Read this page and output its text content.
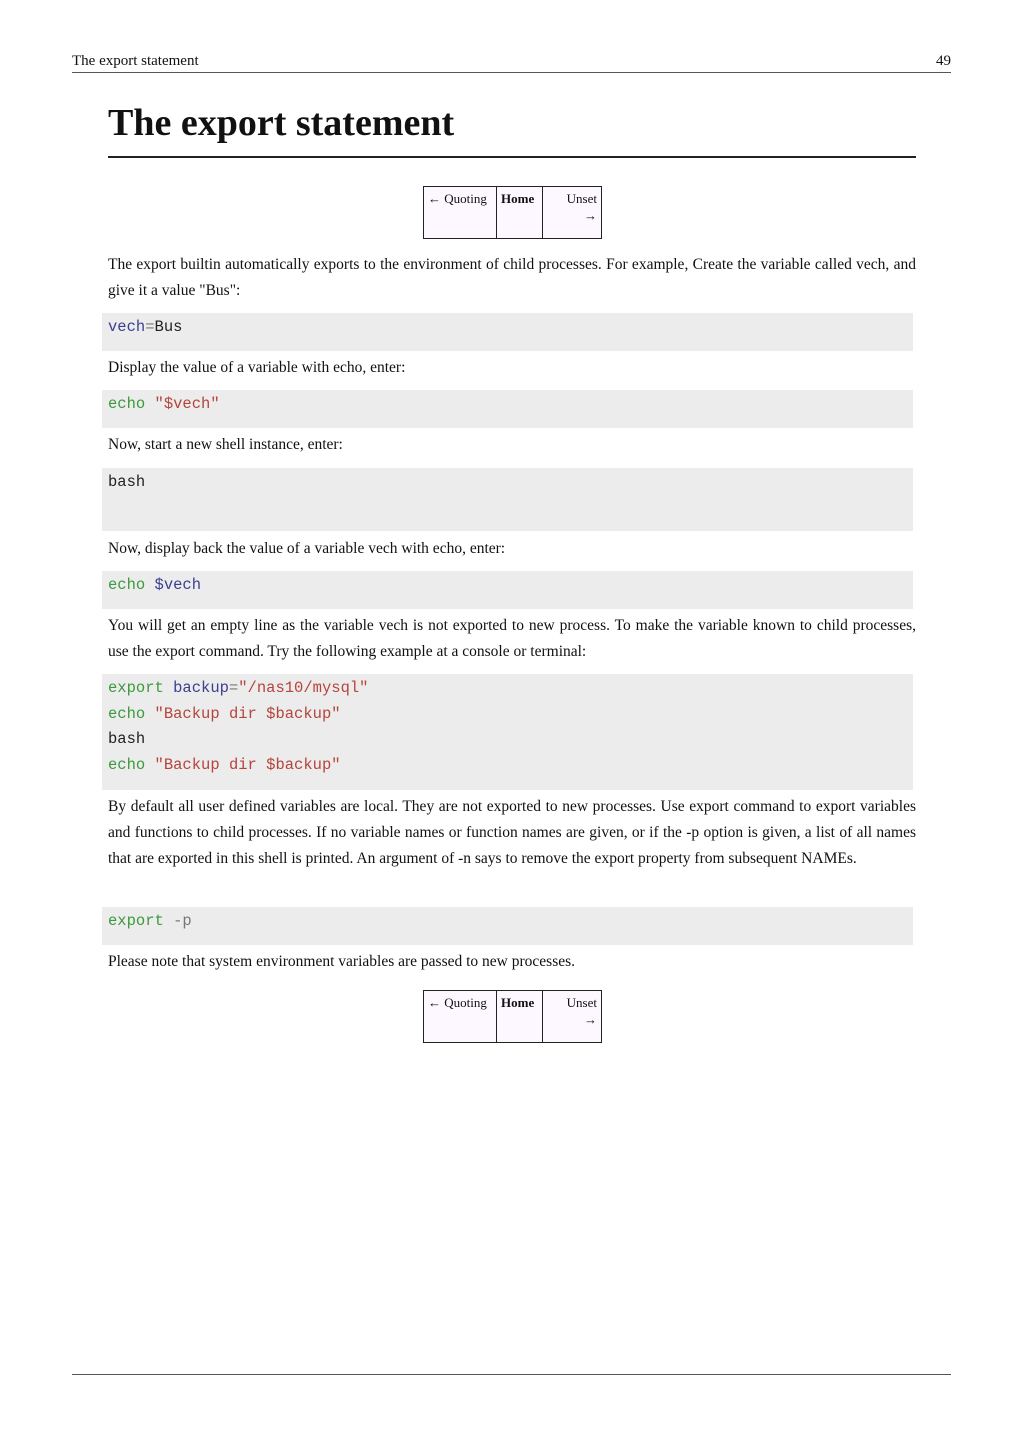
The export statement	49
The export statement
← Quoting	Home	Unset
→

The export builtin automatically exports to the environment of child processes. For example, Create the variable called vech, and give it a value "Bus":

vech=Bus

Display the value of a variable with echo, enter:

echo "$vech"

Now, start a new shell instance, enter:

bash

Now, display back the value of a variable vech with echo, enter:

echo $vech

You will get an empty line as the variable vech is not exported to new process. To make the variable known to child processes, use the export command. Try the following example at a console or terminal:

export backup="/nas10/mysql"
echo "Backup dir $backup"
bash
echo "Backup dir $backup"

By default all user defined variables are local. They are not exported to new processes. Use export command to export variables and functions to child processes. If no variable names or function names are given, or if the -p option is given, a list of all names that are exported in this shell is printed. An argument of -n says to remove the export property from subsequent NAMEs.

export -p

Please note that system environment variables are passed to new processes.

← Quoting	Home	Unset
→
